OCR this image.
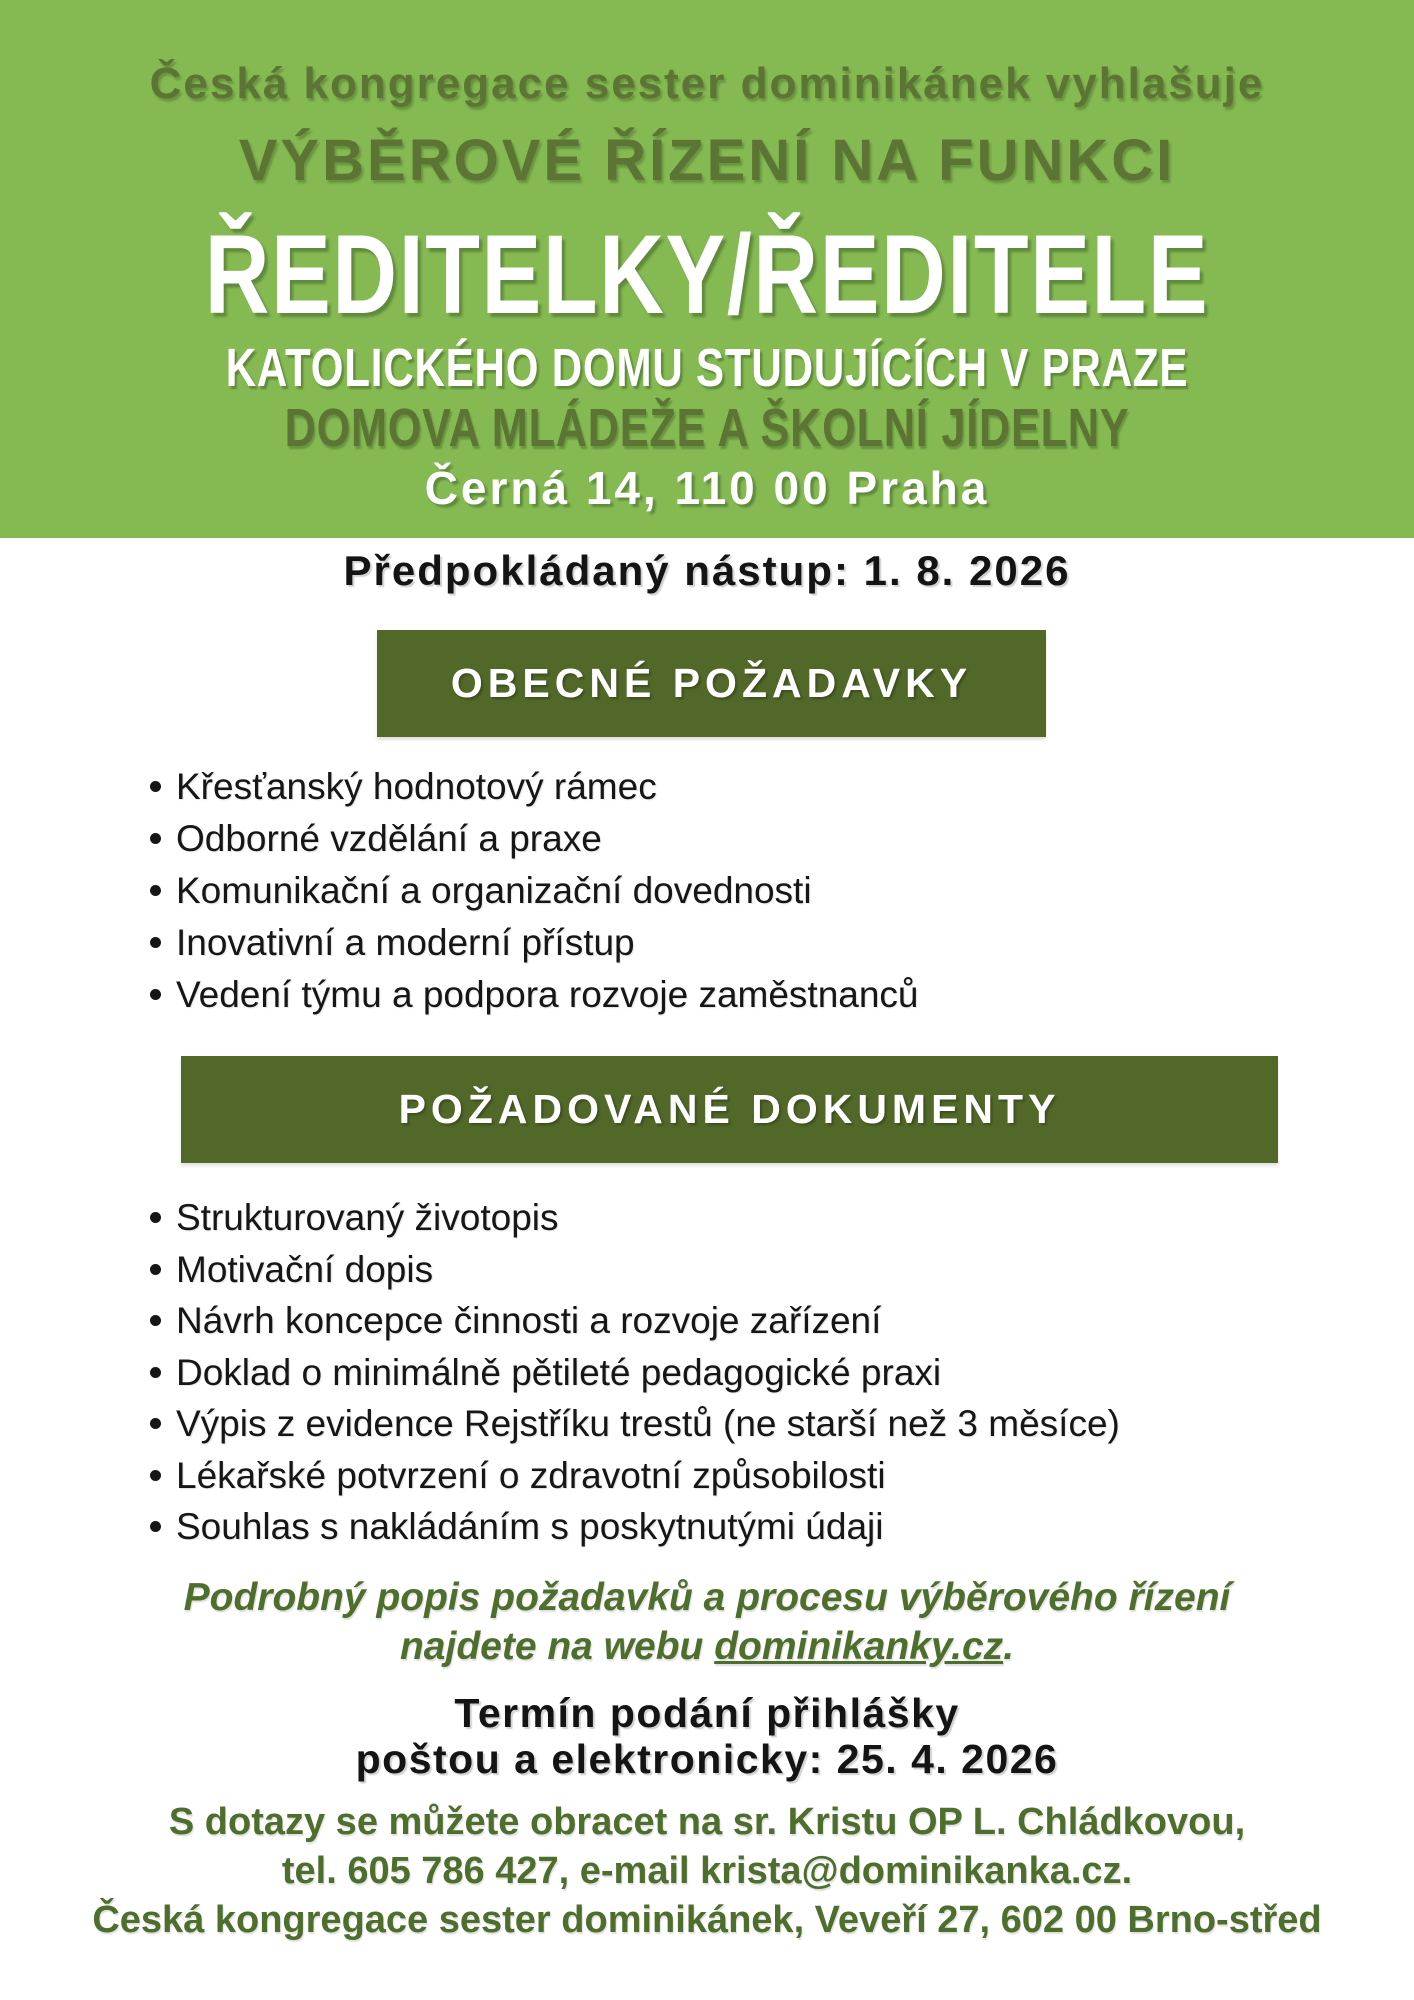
Česká kongregace sester dominikánek vyhlašuje
VÝBĚROVÉ ŘÍZENÍ NA FUNKCI
ŘEDITELKY/ŘEDITELE
KATOLICKÉHO DOMU STUDUJÍCÍCH V PRAZE
DOMOVA MLÁDEŽE A ŠKOLNÍ JÍDELNY
Černá 14, 110 00 Praha
Předpokládaný nástup: 1. 8. 2026
OBECNÉ POŽADAVKY
Křesťanský hodnotový rámec
Odborné vzdělání a praxe
Komunikační a organizační dovednosti
Inovativní a moderní přístup
Vedení týmu a podpora rozvoje zaměstnanců
POŽADOVANÉ DOKUMENTY
Strukturovaný životopis
Motivační dopis
Návrh koncepce činnosti a rozvoje zařízení
Doklad o minimálně pětileté pedagogické praxi
Výpis z evidence Rejstříku trestů (ne starší než 3 měsíce)
Lékařské potvrzení o zdravotní způsobilosti
Souhlas s nakládáním s poskytnutými údaji
Podrobný popis požadavků a procesu výběrového řízení
najdete na webu dominikanky.cz.
Termín podání přihlášky
poštou a elektronicky: 25. 4. 2026
S dotazy se můžete obracet na sr. Kristu OP L. Chládkovou,
tel. 605 786 427, e-mail krista@dominikanka.cz.
Česká kongregace sester dominikánek, Veveří 27, 602 00 Brno-střed
